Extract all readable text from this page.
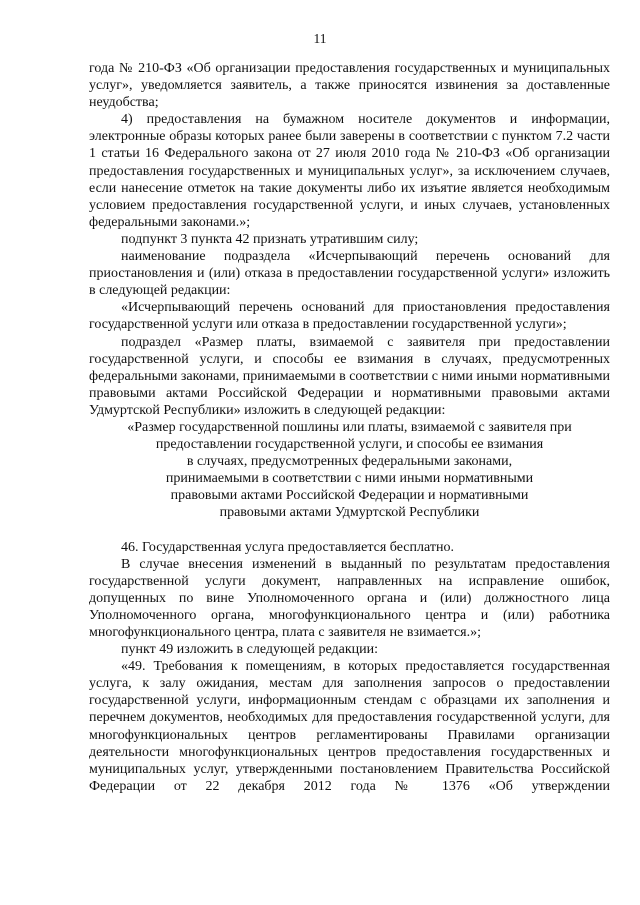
11

года № 210-ФЗ «Об организации предоставления государственных и муниципальных услуг», уведомляется заявитель, а также приносятся извинения за доставленные неудобства;

4) предоставления на бумажном носителе документов и информации, электронные образы которых ранее были заверены в соответствии с пунктом 7.2 части 1 статьи 16 Федерального закона от 27 июля 2010 года № 210-ФЗ «Об организации предоставления государственных и муниципальных услуг», за исключением случаев, если нанесение отметок на такие документы либо их изъятие является необходимым условием предоставления государственной услуги, и иных случаев, установленных федеральными законами.»;

подпункт 3 пункта 42 признать утратившим силу;

наименование подраздела «Исчерпывающий перечень оснований для приостановления и (или) отказа в предоставлении государственной услуги» изложить в следующей редакции:

«Исчерпывающий перечень оснований для приостановления предоставления государственной услуги или отказа в предоставлении государственной услуги»;

подраздел «Размер платы, взимаемой с заявителя при предоставлении государственной услуги, и способы ее взимания в случаях, предусмотренных федеральными законами, принимаемыми в соответствии с ними иными нормативными правовыми актами Российской Федерации и нормативными правовыми актами Удмуртской Республики» изложить в следующей редакции:

«Размер государственной пошлины или платы, взимаемой с заявителя при
предоставлении государственной услуги, и способы ее взимания
в случаях, предусмотренных федеральными законами,
принимаемыми в соответствии с ними иными нормативными
правовыми актами Российской Федерации и нормативными
правовыми актами Удмуртской Республики

46. Государственная услуга предоставляется бесплатно.

В случае внесения изменений в выданный по результатам предоставления государственной услуги документ, направленных на исправление ошибок, допущенных по вине Уполномоченного органа и (или) должностного лица Уполномоченного органа, многофункционального центра и (или) работника многофункционального центра, плата с заявителя не взимается.»;

пункт 49 изложить в следующей редакции:

«49. Требования к помещениям, в которых предоставляется государственная услуга, к залу ожидания, местам для заполнения запросов о предоставлении государственной услуги, информационным стендам с образцами их заполнения и перечнем документов, необходимых для предоставления государственной услуги, для многофункциональных центров регламентированы Правилами организации деятельности многофункциональных центров предоставления государственных и муниципальных услуг, утвержденными постановлением Правительства Российской Федерации от 22 декабря 2012 года № 1376 «Об утверждении
